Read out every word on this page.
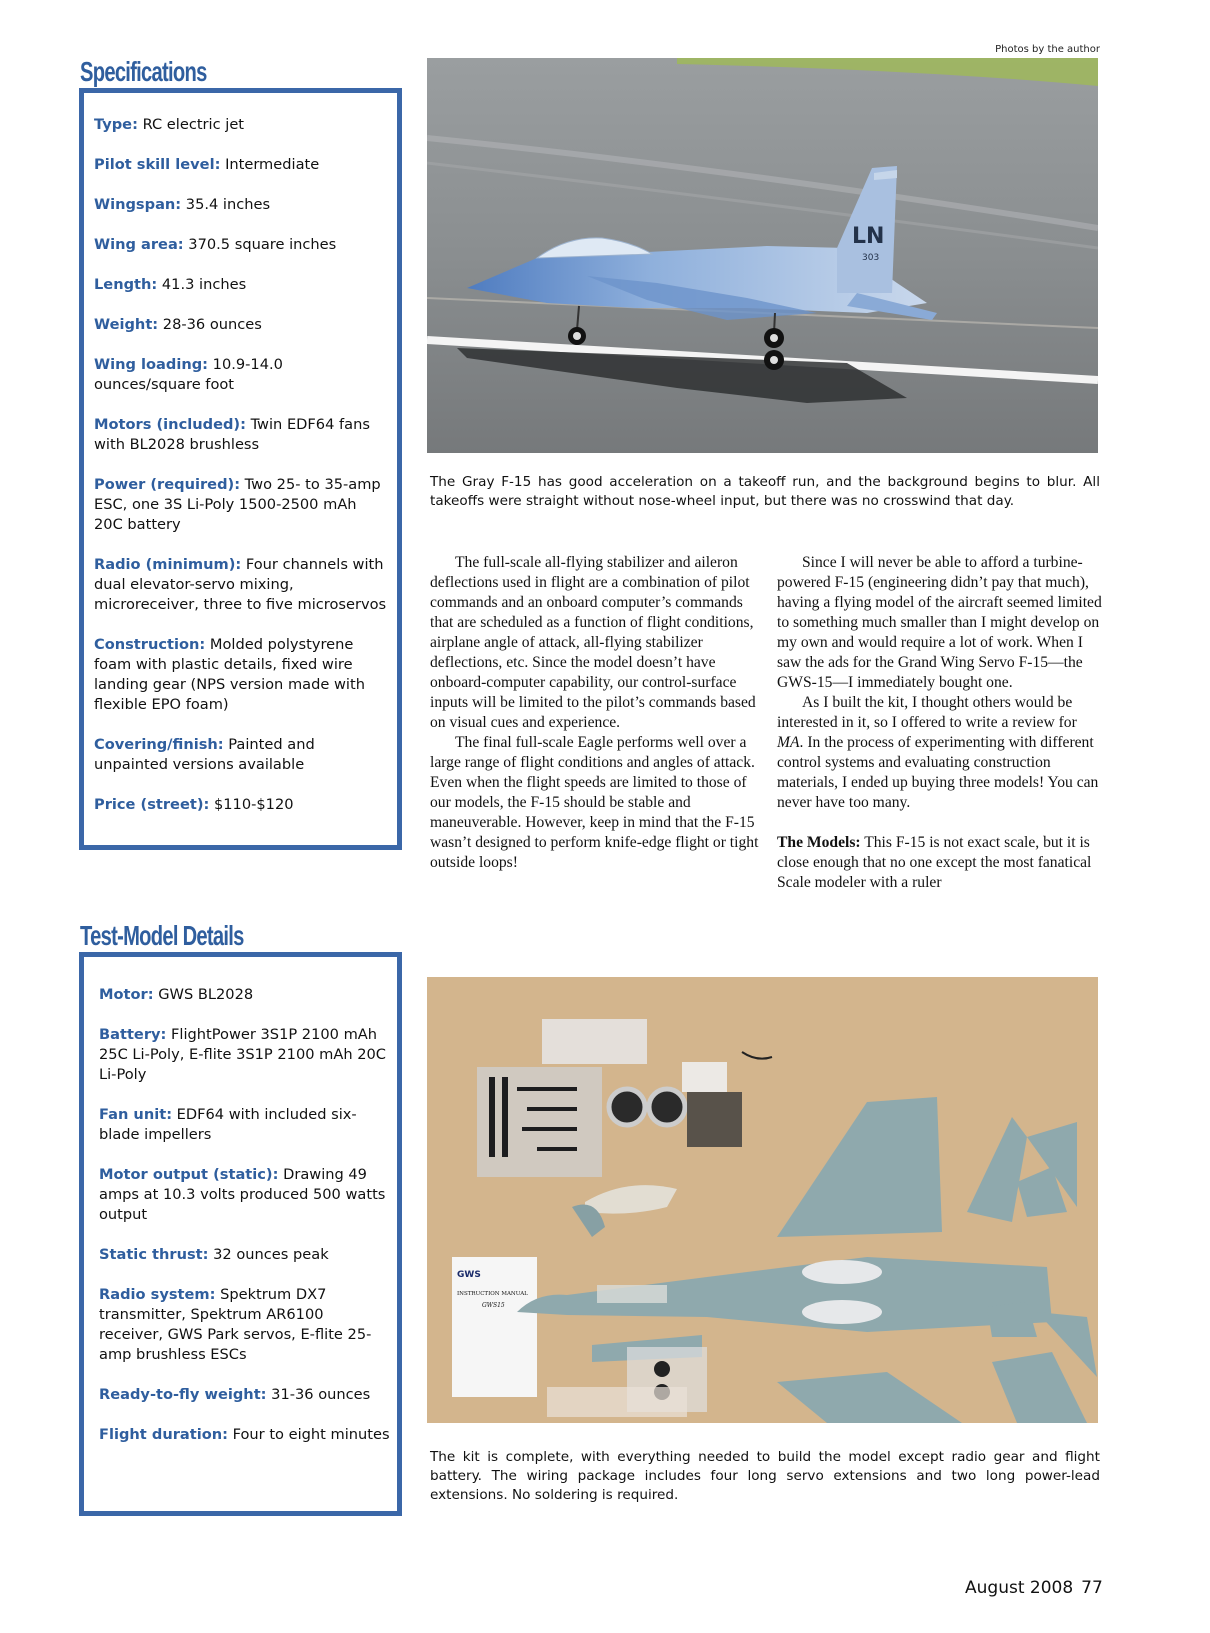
Photos by the author
Specifications
Type: RC electric jet
Pilot skill level: Intermediate
Wingspan: 35.4 inches
Wing area: 370.5 square inches
Length: 41.3 inches
Weight: 28-36 ounces
Wing loading: 10.9-14.0 ounces/square foot
Motors (included): Twin EDF64 fans with BL2028 brushless
Power (required): Two 25- to 35-amp ESC, one 3S Li-Poly 1500-2500 mAh 20C battery
Radio (minimum): Four channels with dual elevator-servo mixing, microreceiver, three to five microservos
Construction: Molded polystyrene foam with plastic details, fixed wire landing gear (NPS version made with flexible EPO foam)
Covering/finish: Painted and unpainted versions available
Price (street): $110-$120
Test-Model Details
Motor: GWS BL2028
Battery: FlightPower 3S1P 2100 mAh 25C Li-Poly, E-flite 3S1P 2100 mAh 20C Li-Poly
Fan unit: EDF64 with included six-blade impellers
Motor output (static): Drawing 49 amps at 10.3 volts produced 500 watts output
Static thrust: 32 ounces peak
Radio system: Spektrum DX7 transmitter, Spektrum AR6100 receiver, GWS Park servos, E-flite 25-amp brushless ESCs
Ready-to-fly weight: 31-36 ounces
Flight duration: Four to eight minutes
LN
303
The Gray F-15 has good acceleration on a takeoff run, and the background begins to blur. All takeoffs were straight without nose-wheel input, but there was no crosswind that day.

The full-scale all-flying stabilizer and aileron deflections used in flight are a combination of pilot commands and an onboard computer’s commands that are scheduled as a function of flight conditions, airplane angle of attack, all-flying stabilizer deflections, etc. Since the model doesn’t have onboard-computer capability, our control-surface inputs will be limited to the pilot’s commands based on visual cues and experience.

The final full-scale Eagle performs well over a large range of flight conditions and angles of attack. Even when the flight speeds are limited to those of our models, the F-15 should be stable and maneuverable. However, keep in mind that the F-15 wasn’t designed to perform knife-edge flight or tight outside loops!

Since I will never be able to afford a turbine-powered F-15 (engineering didn’t pay that much), having a flying model of the aircraft seemed limited to something much smaller than I might develop on my own and would require a lot of work. When I saw the ads for the Grand Wing Servo F-15—the GWS-15—I immediately bought one.

As I built the kit, I thought others would be interested in it, so I offered to write a review for MA. In the process of experimenting with different control systems and evaluating construction materials, I ended up buying three models! You can never have too many.

The Models: This F-15 is not exact scale, but it is close enough that no one except the most fanatical Scale modeler with a ruler

GWS
INSTRUCTION MANUAL
GWS15
The kit is complete, with everything needed to build the model except radio gear and flight battery. The wiring package includes four long servo extensions and two long power-lead extensions. No soldering is required.
August 2008 77
